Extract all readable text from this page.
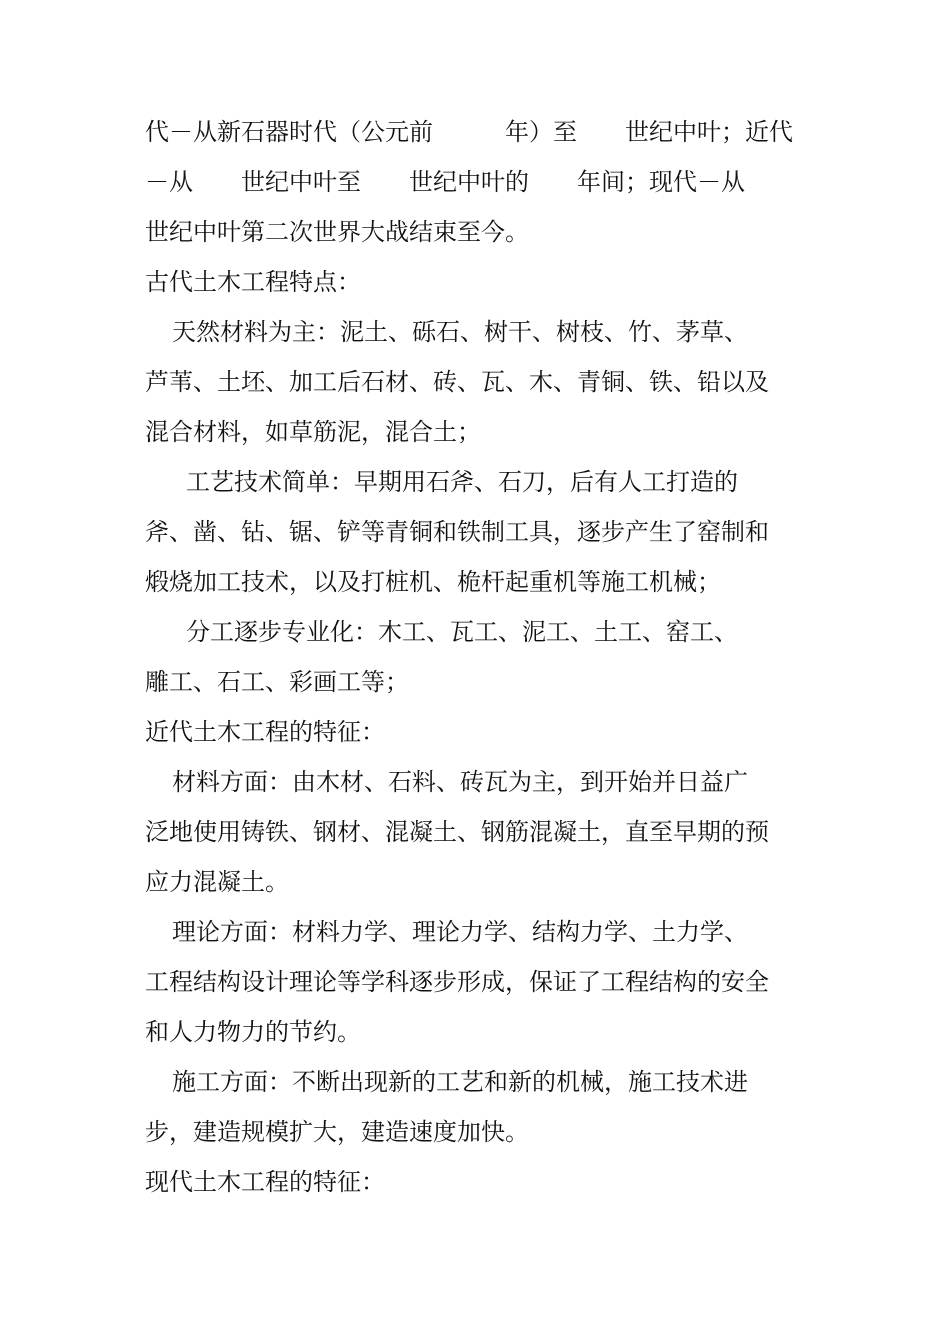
代－从新石器时代（公元前　　　年）至　　世纪中叶；近代
－从　　世纪中叶至　　世纪中叶的　　年间；现代－从
世纪中叶第二次世界大战结束至今。
古代土木工程特点：
　天然材料为主：泥土、砾石、树干、树枝、竹、茅草、
芦苇、土坯、加工后石材、砖、瓦、木、青铜、铁、铅以及
混合材料，如草筋泥，混合土；
　　工艺技术简单：早期用石斧、石刀，后有人工打造的
斧、凿、钻、锯、铲等青铜和铁制工具，逐步产生了窑制和
煅烧加工技术，以及打桩机、桅杆起重机等施工机械；
　　分工逐步专业化：木工、瓦工、泥工、土工、窑工、
雕工、石工、彩画工等；
近代土木工程的特征：
　材料方面：由木材、石料、砖瓦为主，到开始并日益广
泛地使用铸铁、钢材、混凝土、钢筋混凝土，直至早期的预
应力混凝土。
　理论方面：材料力学、理论力学、结构力学、土力学、
工程结构设计理论等学科逐步形成，保证了工程结构的安全
和人力物力的节约。
　施工方面：不断出现新的工艺和新的机械，施工技术进
步，建造规模扩大，建造速度加快。
现代土木工程的特征：
